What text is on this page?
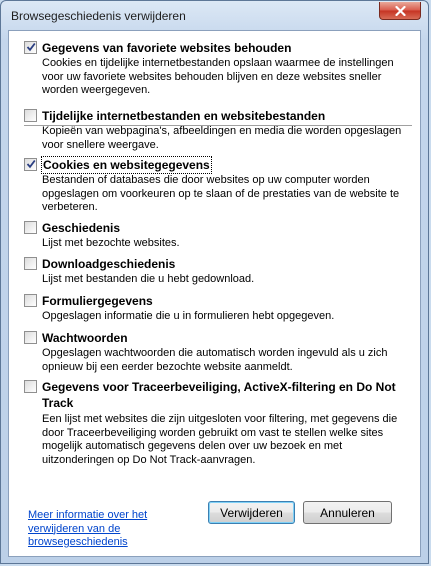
Browsegeschiedenis verwijderen
Gegevens van favoriete websites behouden
Cookies en tijdelijke internetbestanden opslaan waarmee de instellingen voor uw favoriete websites behouden blijven en deze websites sneller worden weergegeven.
Tijdelijke internetbestanden en websitebestanden
Kopieën van webpagina's, afbeeldingen en media die worden opgeslagen voor snellere weergave.
Cookies en websitegegevens
Bestanden of databases die door websites op uw computer worden opgeslagen om voorkeuren op te slaan of de prestaties van de website te verbeteren.
Geschiedenis
Lijst met bezochte websites.
Downloadgeschiedenis
Lijst met bestanden die u hebt gedownload.
Formuliergegevens
Opgeslagen informatie die u in formulieren hebt opgegeven.
Wachtwoorden
Opgeslagen wachtwoorden die automatisch worden ingevuld als u zich opnieuw bij een eerder bezochte website aanmeldt.
Gegevens voor Traceerbeveiliging, ActiveX-filtering en Do Not Track
Een lijst met websites die zijn uitgesloten voor filtering, met gegevens die door Traceerbeveiliging worden gebruikt om vast te stellen welke sites mogelijk automatisch gegevens delen over uw bezoek en met uitzonderingen op Do Not Track-aanvragen.
Meer informatie over het verwijderen van de browsegeschiedenis
Verwijderen	Annuleren
